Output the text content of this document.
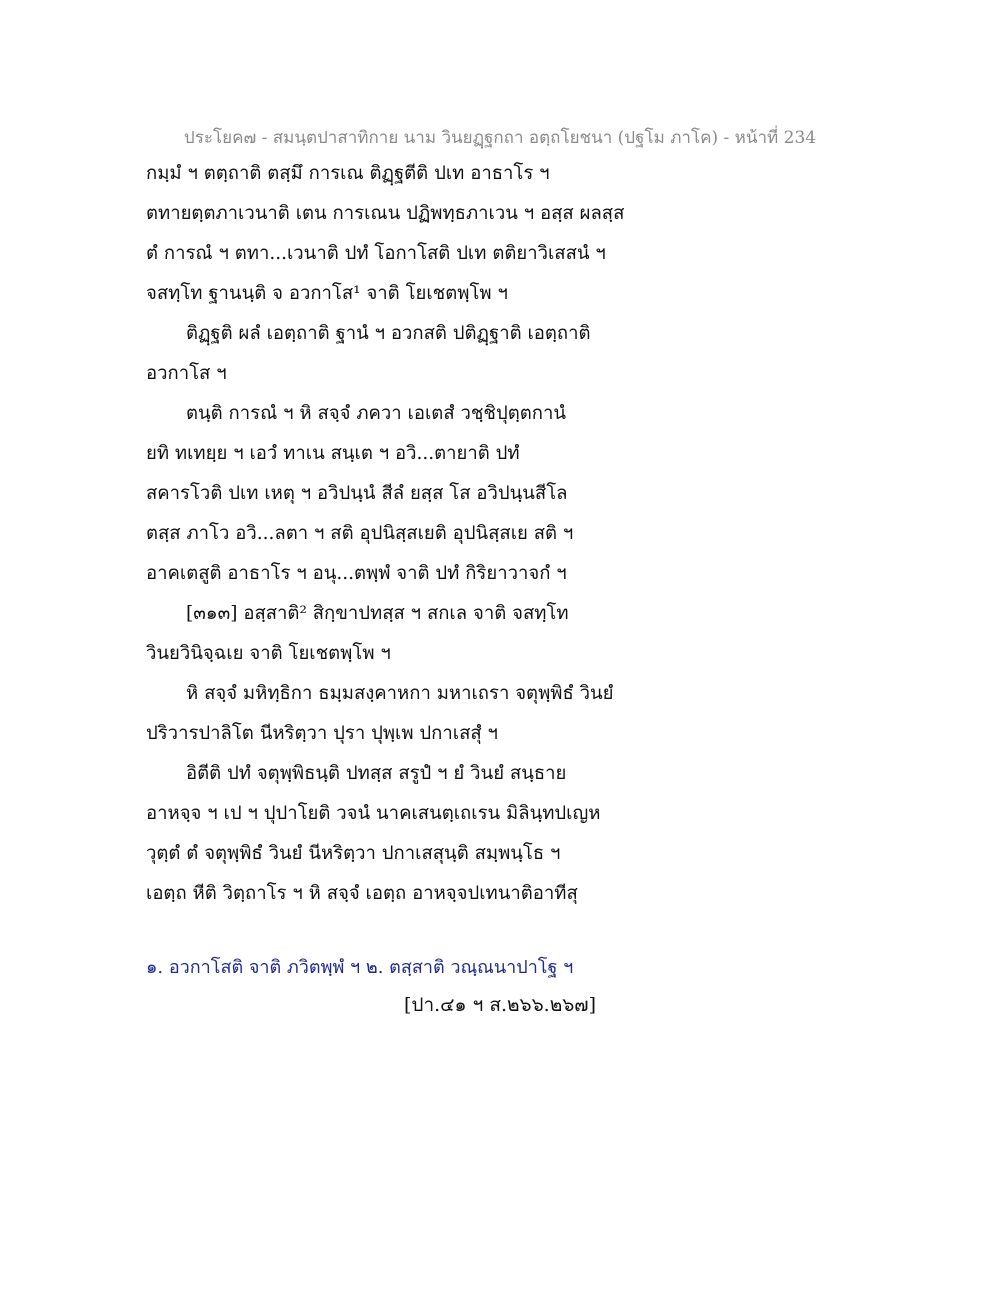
ประโยค๗ - สมนฺตปาสาทิกาย นาม วินยฏฺฐกถา อตฺถโยชนา (ปฐโม ภาโค) - หน้าที่ 234
กมฺมํ ฯ ตตฺถาติ ตสฺมึ การเณ ติฏฺฐตีติ ปเท อาธาโร ฯ
ตทายตฺตภาเวนาติ เตน การเณน ปฏิพทฺธภาเวน ฯ อสฺส ผลสฺส
ตํ การณํ ฯ ตทา...เวนาติ ปทํ โอกาโสติ ปเท ตติยาวิเสสนํ ฯ
จสทฺโท ฐานนฺติ จ อวกาโส¹ จาติ โยเชตพฺโพ ฯ
ติฏฺฐติ ผลํ เอตฺถาติ ฐานํ ฯ อวกสติ ปติฏฺฐาติ เอตฺถาติ
อวกาโส ฯ
ตนฺติ การณํ ฯ หิ สจฺจํ ภควา เอเตสํ วชฺชิปุตฺตกานํ
ยทิ ทเทยฺย ฯ เอวํ ทาเน สนฺเต ฯ อวิ...ตายาติ ปทํ
สคารโวติ ปเท เหตุ ฯ อวิปนฺนํ สีลํ ยสฺส โส อวิปนฺนสีโล
ตสฺส ภาโว อวิ...ลตา ฯ สติ อุปนิสฺสเยติ อุปนิสฺสเย สติ ฯ
อาคเตสูติ อาธาโร ฯ อนุ...ตพฺพํ จาติ ปทํ กิริยาวาจกํ ฯ
[๓๑๓] อสฺสาติ² สิกฺขาปทสฺส ฯ สกเล จาติ จสทฺโท
วินยวินิจฺฉเย จาติ โยเชตพฺโพ ฯ
หิ สจฺจํ มหิทฺธิกา ธมฺมสงฺคาหกา มหาเถรา จตุพฺพิธํ วินยํ
ปริวารปาลิโต นีหริตฺวา ปุรา ปุพฺเพ ปกาเสสุํ ฯ
อิตีติ ปทํ จตุพฺพิธนฺติ ปทสฺส สรูปํ ฯ ยํ วินยํ สนฺธาย
อาหจฺจ ฯ เป ฯ ปุปาโยติ วจนํ นาคเสนตฺเถเรน มิลินฺทปเญห
วุตฺตํ ตํ จตุพฺพิธํ วินยํ นีหริตฺวา ปกาเสสุนฺติ สมฺพนฺโธ ฯ
เอตฺถ หีติ วิตฺถาโร ฯ หิ สจฺจํ เอตฺถ อาหจฺจปเทนาติอาทีสุ
๑. อวกาโสติ จาติ ภวิตพฺพํ ฯ ๒. ตสฺสาติ วณฺณนาปาโฐ ฯ
[ปา.๔๑ ฯ ส.๒๖๖.๒๖๗]
